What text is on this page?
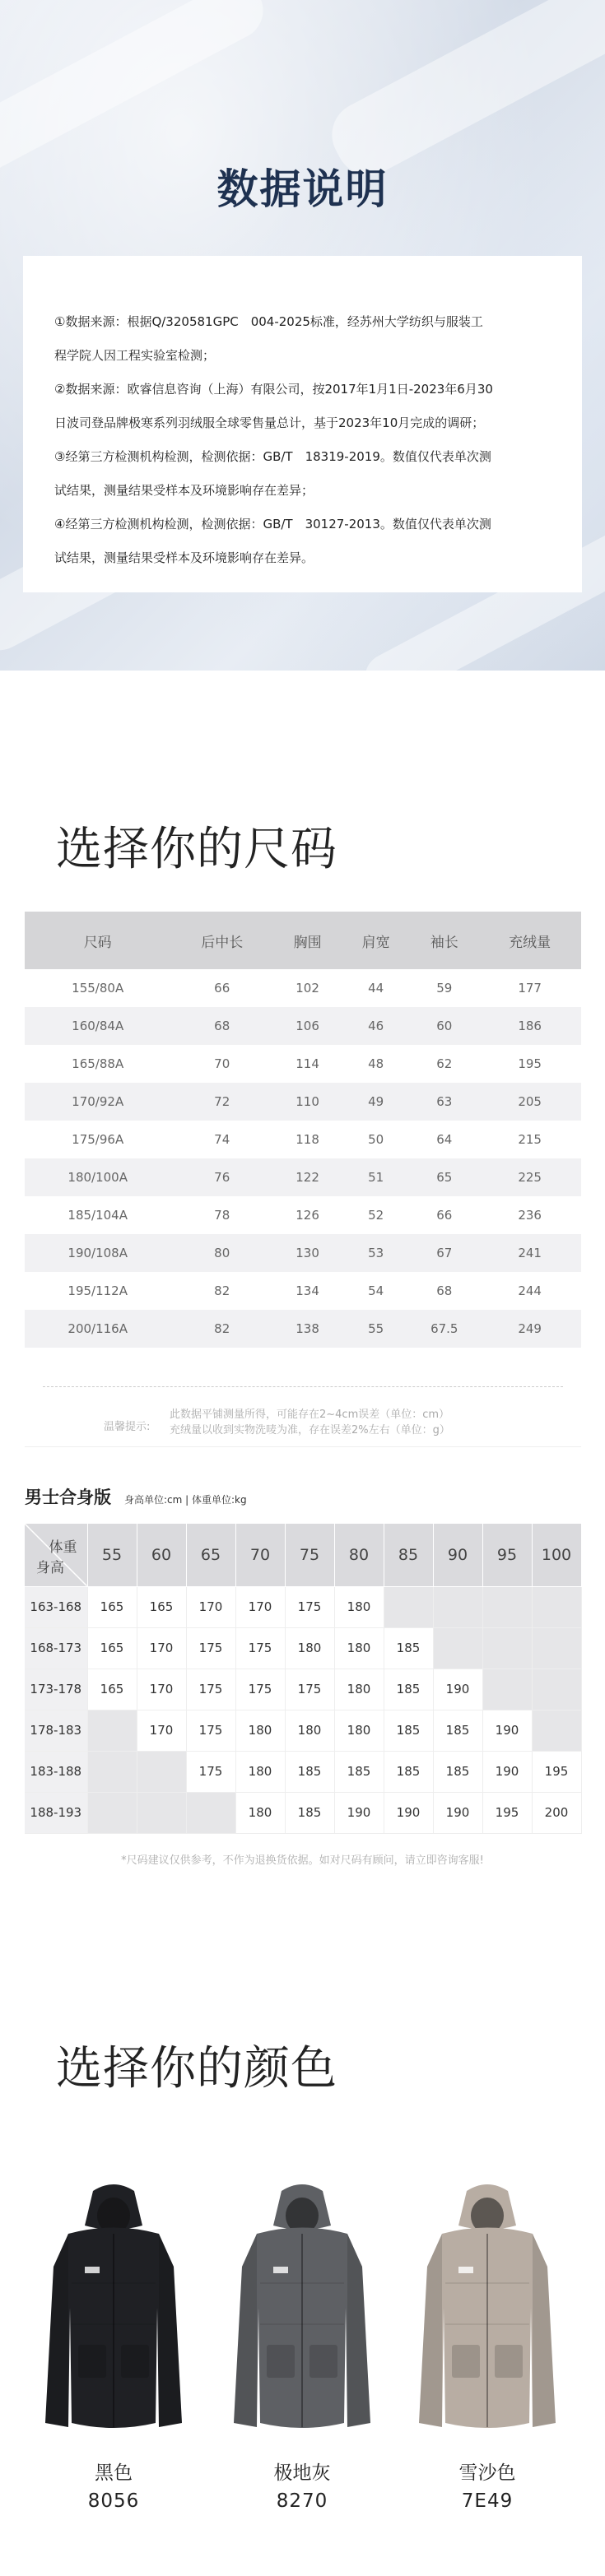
数据说明

①数据来源：根据Q/320581GPC　004-2025标准，经苏州大学纺织与服装工

程学院人因工程实验室检测；

②数据来源：欧睿信息咨询（上海）有限公司，按2017年1月1日-2023年6月30

日波司登品牌极寒系列羽绒服全球零售量总计，基于2023年10月完成的调研；

③经第三方检测机构检测，检测依据：GB/T　18319-2019。数值仅代表单次测

试结果，测量结果受样本及环境影响存在差异；

④经第三方检测机构检测，检测依据：GB/T　30127-2013。数值仅代表单次测

试结果，测量结果受样本及环境影响存在差异。

选择你的尺码
尺码	后中长	胸围	肩宽	袖长	充绒量
155/80A	66	102	44	59	177
160/84A	68	106	46	60	186
165/88A	70	114	48	62	195
170/92A	72	110	49	63	205
175/96A	74	118	50	64	215
180/100A	76	122	51	65	225
185/104A	78	126	52	66	236
190/108A	80	130	53	67	241
195/112A	82	134	54	68	244
200/116A	82	138	55	67.5	249
温馨提示:
此数据平铺测量所得，可能存在2~4cm误差（单位：cm）
充绒量以收到实物洗唛为准，存在误差2%左右（单位：g）
男士合身版 身高单位:cm | 体重单位:kg
体重
身高	55	60	65	70	75	80	85	90	95	100
163-168	165	165	170	170	175	180				
168-173	165	170	175	175	180	180	185			
173-178	165	170	175	175	175	180	185	190		
178-183		170	175	180	180	180	185	185	190	
183-188			175	180	185	185	185	185	190	195
188-193				180	185	190	190	190	195	200
*尺码建议仅供参考，不作为退换货依据。如对尺码有顾问，请立即咨询客服!
选择你的颜色
黑色
8056
极地灰
8270
雪沙色
7E49
